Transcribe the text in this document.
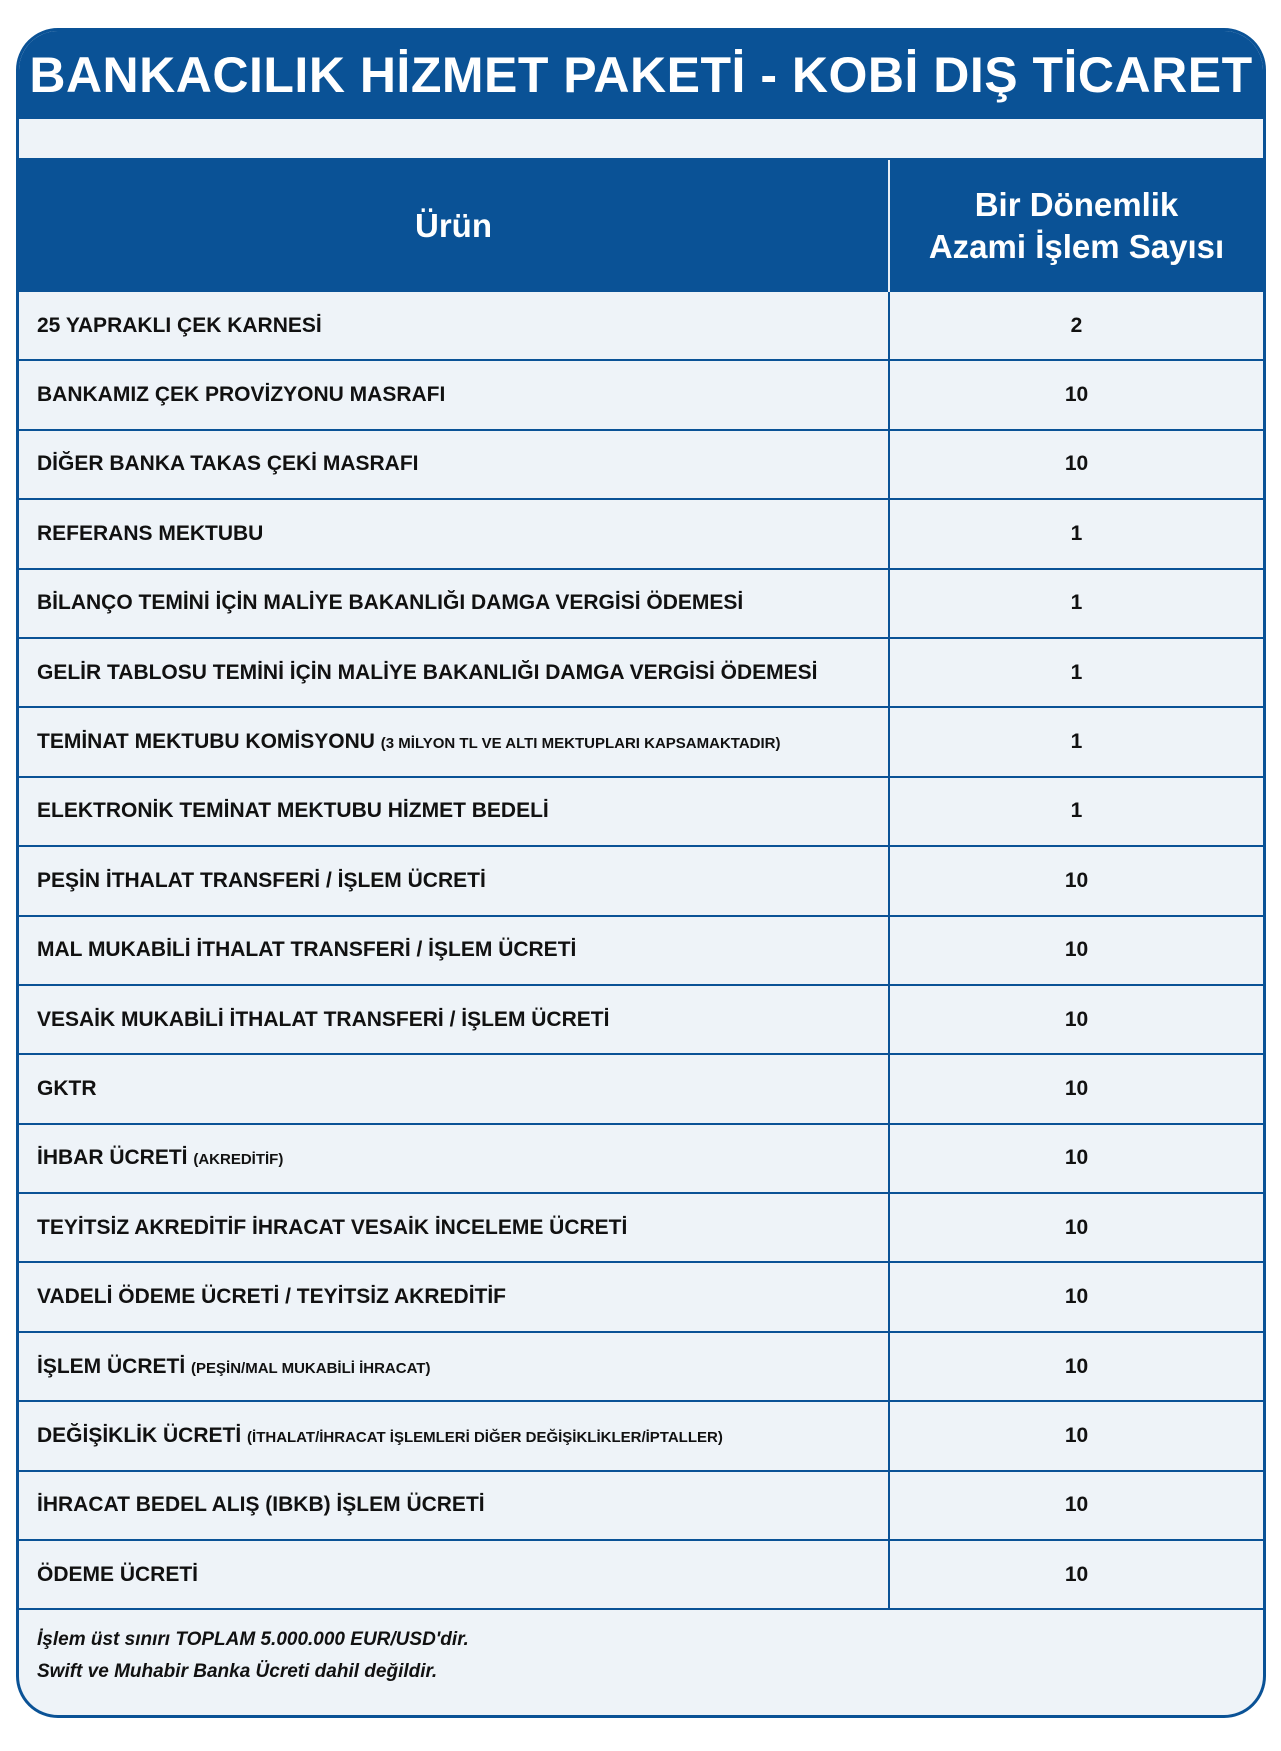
BANKACILIK HİZMET PAKETİ - KOBİ DIŞ TİCARET
Ürün	Bir Dönemlik
Azami İşlem Sayısı
25 YAPRAKLI ÇEK KARNESİ	2
BANKAMIZ ÇEK PROVİZYONU MASRAFI	10
DİĞER BANKA TAKAS ÇEKİ MASRAFI	10
REFERANS MEKTUBU	1
BİLANÇO TEMİNİ İÇİN MALİYE BAKANLIĞI DAMGA VERGİSİ ÖDEMESİ	1
GELİR TABLOSU TEMİNİ İÇİN MALİYE BAKANLIĞI DAMGA VERGİSİ ÖDEMESİ	1
TEMİNAT MEKTUBU KOMİSYONU (3 MİLYON TL VE ALTI MEKTUPLARI KAPSAMAKTADIR)	1
ELEKTRONİK TEMİNAT MEKTUBU HİZMET BEDELİ	1
PEŞİN İTHALAT TRANSFERİ / İŞLEM ÜCRETİ	10
MAL MUKABİLİ İTHALAT TRANSFERİ / İŞLEM ÜCRETİ	10
VESAİK MUKABİLİ İTHALAT TRANSFERİ / İŞLEM ÜCRETİ	10
GKTR	10
İHBAR ÜCRETİ (AKREDİTİF)	10
TEYİTSİZ AKREDİTİF İHRACAT VESAİK İNCELEME ÜCRETİ	10
VADELİ ÖDEME ÜCRETİ / TEYİTSİZ AKREDİTİF	10
İŞLEM ÜCRETİ (PEŞİN/MAL MUKABİLİ İHRACAT)	10
DEĞİŞİKLİK ÜCRETİ (İTHALAT/İHRACAT İŞLEMLERİ DİĞER DEĞİŞİKLİKLER/İPTALLER)	10
İHRACAT BEDEL ALIŞ (IBKB) İŞLEM ÜCRETİ	10
ÖDEME ÜCRETİ	10
İşlem üst sınırı TOPLAM 5.000.000 EUR/USD'dir.
Swift ve Muhabir Banka Ücreti dahil değildir.
